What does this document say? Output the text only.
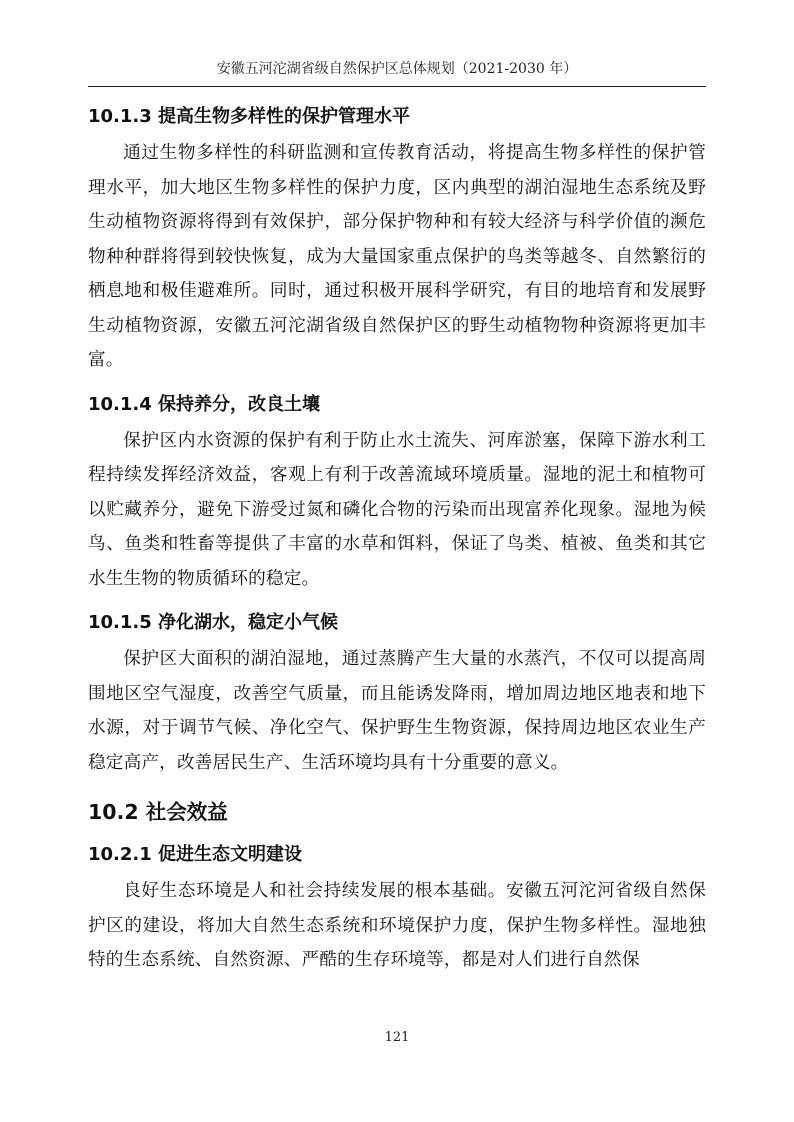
安徽五河沱湖省级自然保护区总体规划（2021-2030 年）
10.1.3 提高生物多样性的保护管理水平

通过生物多样性的科研监测和宣传教育活动，将提高生物多样性的保护管理水平，加大地区生物多样性的保护力度，区内典型的湖泊湿地生态系统及野生动植物资源将得到有效保护，部分保护物种和有较大经济与科学价值的濒危物种种群将得到较快恢复，成为大量国家重点保护的鸟类等越冬、自然繁衍的栖息地和极佳避难所。同时，通过积极开展科学研究，有目的地培育和发展野生动植物资源，安徽五河沱湖省级自然保护区的野生动植物物种资源将更加丰富。

10.1.4 保持养分，改良土壤

保护区内水资源的保护有利于防止水土流失、河库淤塞，保障下游水利工程持续发挥经济效益，客观上有利于改善流域环境质量。湿地的泥土和植物可以贮藏养分，避免下游受过氮和磷化合物的污染而出现富养化现象。湿地为候鸟、鱼类和牲畜等提供了丰富的水草和饵料，保证了鸟类、植被、鱼类和其它水生生物的物质循环的稳定。

10.1.5 净化湖水，稳定小气候

保护区大面积的湖泊湿地，通过蒸腾产生大量的水蒸汽，不仅可以提高周围地区空气湿度，改善空气质量，而且能诱发降雨，增加周边地区地表和地下水源，对于调节气候、净化空气、保护野生生物资源，保持周边地区农业生产稳定高产，改善居民生产、生活环境均具有十分重要的意义。

10.2 社会效益
10.2.1 促进生态文明建设

良好生态环境是人和社会持续发展的根本基础。安徽五河沱河省级自然保护区的建设，将加大自然生态系统和环境保护力度，保护生物多样性。湿地独特的生态系统、自然资源、严酷的生存环境等，都是对人们进行自然保

121
